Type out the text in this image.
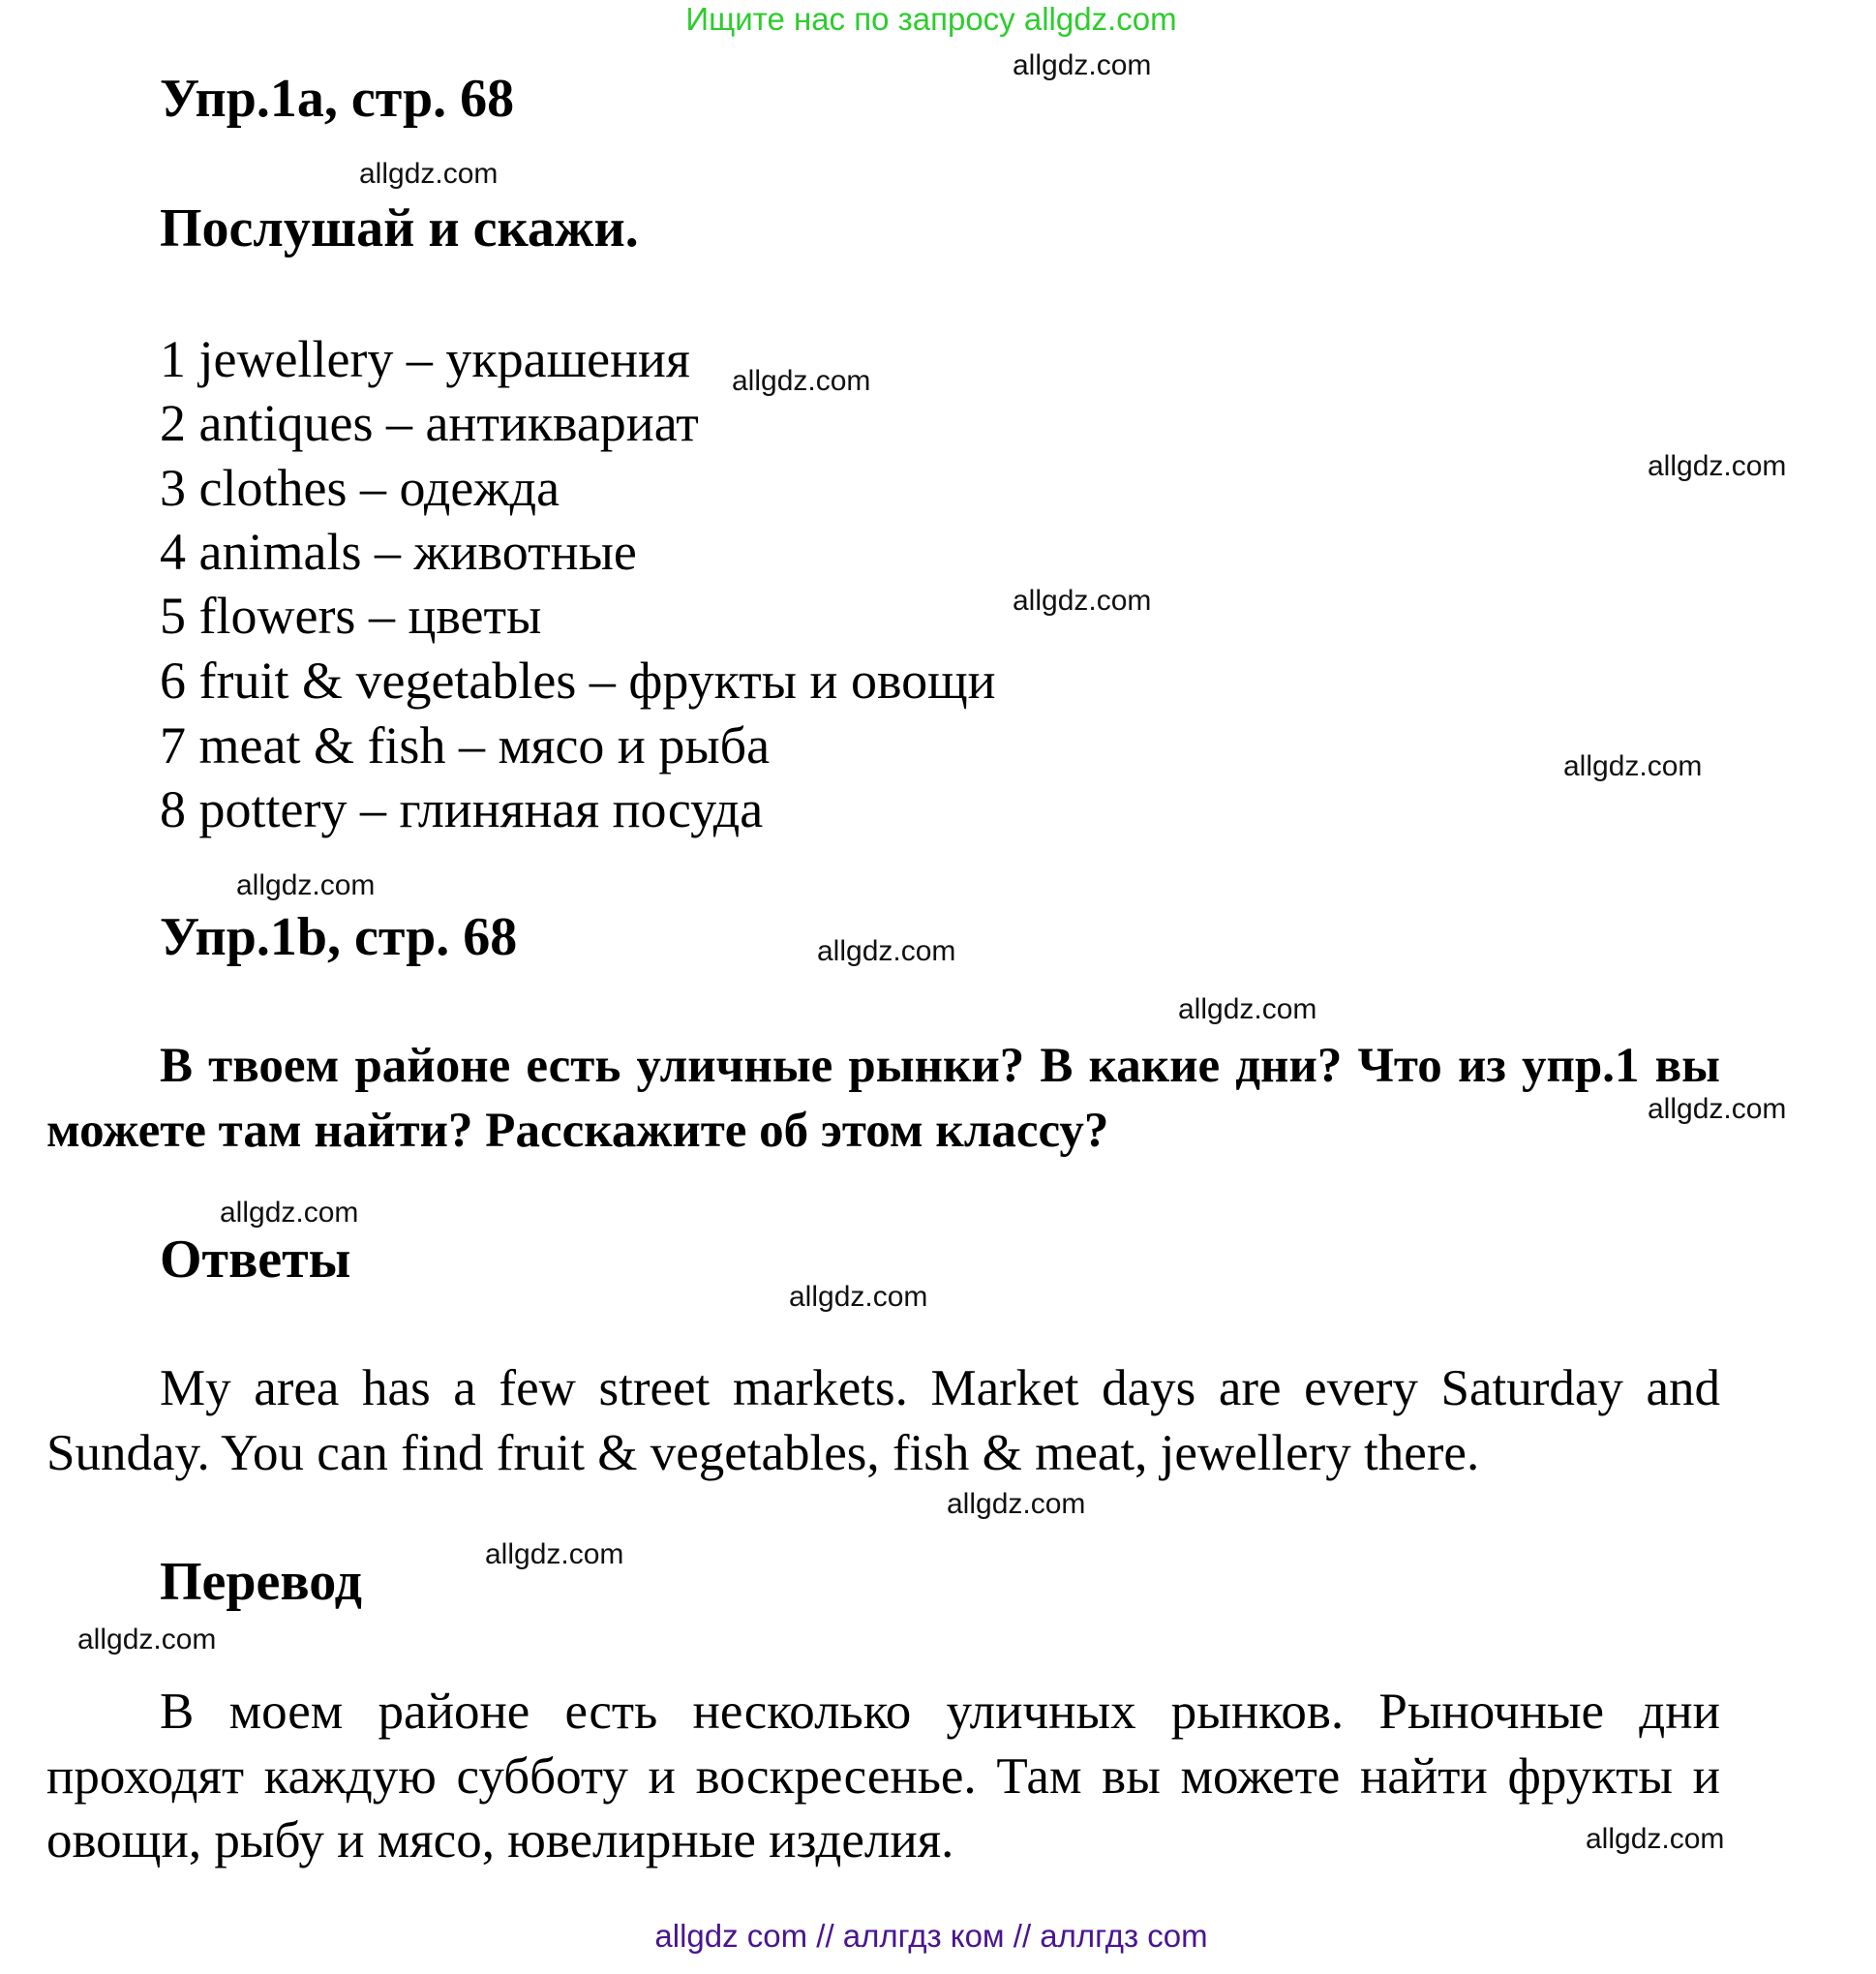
Ищите нас по запросу allgdz.com
Упр.1а, стр. 68
Послушай и скажи.
1 jewellery – украшения
2 antiques – антиквариат
3 clothes – одежда
4 animals – животные
5 flowers – цветы
6 fruit & vegetables – фрукты и овощи
7 meat & fish – мясо и рыба
8 pottery – глиняная посуда
Упр.1b, стр. 68

В твоем районе есть уличные рынки? В какие дни? Что из упр.1 вы можете там найти? Расскажите об этом классу?

Ответы

My area has a few street markets. Market days are every Saturday and Sunday. You can find fruit & vegetables, fish & meat, jewellery there.

Перевод

В моем районе есть несколько уличных рынков. Рыночные дни проходят каждую субботу и воскресенье. Там вы можете найти фрукты и овощи, рыбу и мясо, ювелирные изделия.

allgdz.com
allgdz.com
allgdz.com
allgdz.com
allgdz.com
allgdz.com
allgdz.com
allgdz.com
allgdz.com
allgdz.com
allgdz.com
allgdz.com
allgdz.com
allgdz.com
allgdz.com
allgdz.com
allgdz com // аллгдз ком // аллгдз com
